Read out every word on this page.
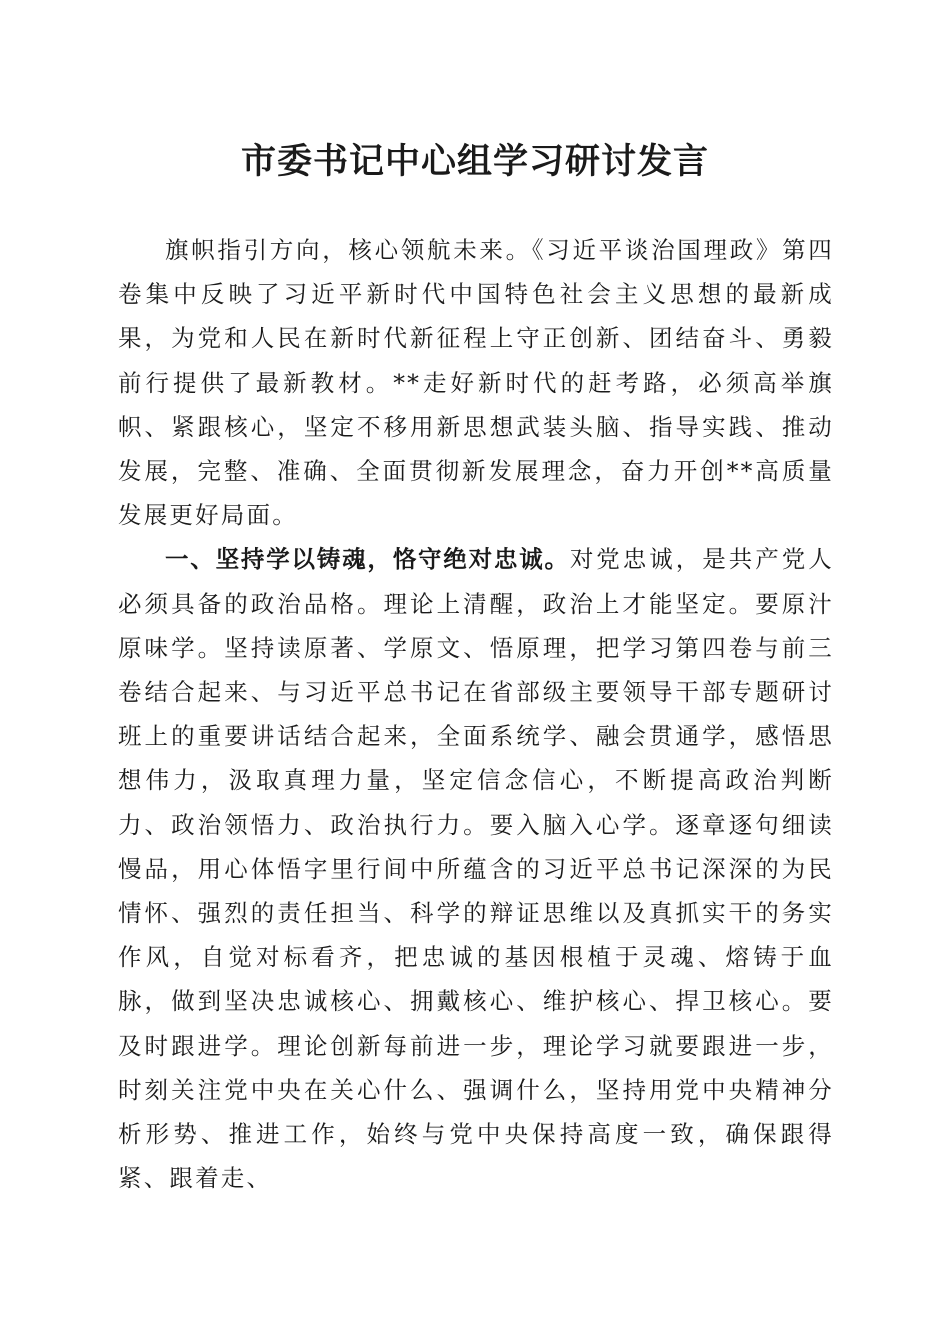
市委书记中心组学习研讨发言

旗帜指引方向，核心领航未来。《习近平谈治国理政》第四卷集中反映了习近平新时代中国特色社会主义思想的最新成果，为党和人民在新时代新征程上守正创新、团结奋斗、勇毅前行提供了最新教材。**走好新时代的赶考路，必须高举旗帜、紧跟核心，坚定不移用新思想武装头脑、指导实践、推动发展，完整、准确、全面贯彻新发展理念，奋力开创**高质量发展更好局面。

一、坚持学以铸魂，恪守绝对忠诚。对党忠诚，是共产党人必须具备的政治品格。理论上清醒，政治上才能坚定。要原汁原味学。坚持读原著、学原文、悟原理，把学习第四卷与前三卷结合起来、与习近平总书记在省部级主要领导干部专题研讨班上的重要讲话结合起来，全面系统学、融会贯通学，感悟思想伟力，汲取真理力量，坚定信念信心，不断提高政治判断力、政治领悟力、政治执行力。要入脑入心学。逐章逐句细读慢品，用心体悟字里行间中所蕴含的习近平总书记深深的为民情怀、强烈的责任担当、科学的辩证思维以及真抓实干的务实作风，自觉对标看齐，把忠诚的基因根植于灵魂、熔铸于血脉，做到坚决忠诚核心、拥戴核心、维护核心、捍卫核心。要及时跟进学。理论创新每前进一步，理论学习就要跟进一步，时刻关注党中央在关心什么、强调什么，坚持用党中央精神分析形势、推进工作，始终与党中央保持高度一致，确保跟得紧、跟着走、
